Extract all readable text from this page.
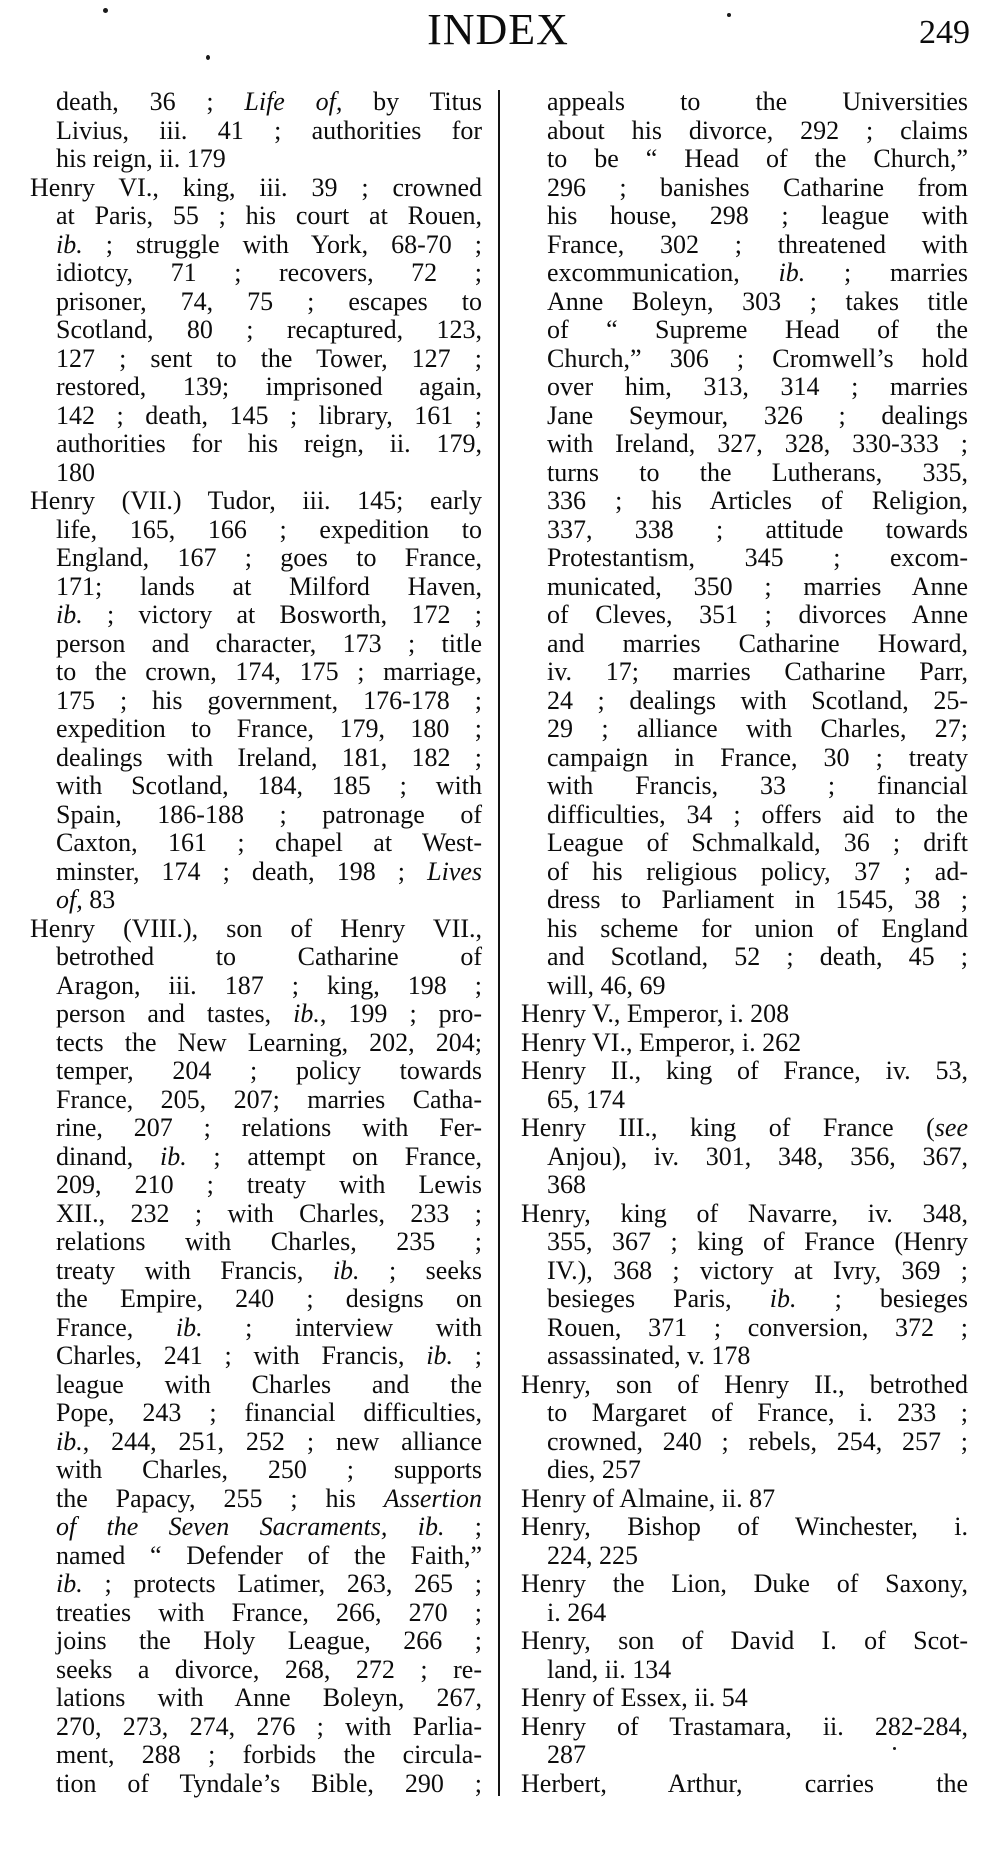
INDEX	249
death, 36 ; Life of, by Titus
Livius, iii. 41 ; authorities for
his reign, ii. 179
Henry VI., king, iii. 39 ; crowned
at Paris, 55 ; his court at Rouen,
ib. ; struggle with York, 68-70 ;
idiotcy, 71 ; recovers, 72 ;
prisoner, 74, 75 ; escapes to
Scotland, 80 ; recaptured, 123,
127 ; sent to the Tower, 127 ;
restored, 139; imprisoned again,
142 ; death, 145 ; library, 161 ;
authorities for his reign, ii. 179,
180
Henry (VII.) Tudor, iii. 145; early
life, 165, 166 ; expedition to
England, 167 ; goes to France,
171; lands at Milford Haven,
ib. ; victory at Bosworth, 172 ;
person and character, 173 ; title
to the crown, 174, 175 ; marriage,
175 ; his government, 176-178 ;
expedition to France, 179, 180 ;
dealings with Ireland, 181, 182 ;
with Scotland, 184, 185 ; with
Spain, 186-188 ; patronage of
Caxton, 161 ; chapel at West-
minster, 174 ; death, 198 ; Lives
of, 83
Henry (VIII.), son of Henry VII.,
betrothed to Catharine of
Aragon, iii. 187 ; king, 198 ;
person and tastes, ib., 199 ; pro-
tects the New Learning, 202, 204;
temper, 204 ; policy towards
France, 205, 207; marries Catha-
rine, 207 ; relations with Fer-
dinand, ib. ; attempt on France,
209, 210 ; treaty with Lewis
XII., 232 ; with Charles, 233 ;
relations with Charles, 235 ;
treaty with Francis, ib. ; seeks
the Empire, 240 ; designs on
France, ib. ; interview with
Charles, 241 ; with Francis, ib. ;
league with Charles and the
Pope, 243 ; financial difficulties,
ib., 244, 251, 252 ; new alliance
with Charles, 250 ; supports
the Papacy, 255 ; his Assertion
of the Seven Sacraments, ib. ;
named “ Defender of the Faith,”
ib. ; protects Latimer, 263, 265 ;
treaties with France, 266, 270 ;
joins the Holy League, 266 ;
seeks a divorce, 268, 272 ; re-
lations with Anne Boleyn, 267,
270, 273, 274, 276 ; with Parlia-
ment, 288 ; forbids the circula-
tion of Tyndale’s Bible, 290 ;
appeals to the Universities
about his divorce, 292 ; claims
to be “ Head of the Church,”
296 ; banishes Catharine from
his house, 298 ; league with
France, 302 ; threatened with
excommunication, ib. ; marries
Anne Boleyn, 303 ; takes title
of “ Supreme Head of the
Church,” 306 ; Cromwell’s hold
over him, 313, 314 ; marries
Jane Seymour, 326 ; dealings
with Ireland, 327, 328, 330-333 ;
turns to the Lutherans, 335,
336 ; his Articles of Religion,
337, 338 ; attitude towards
Protestantism, 345 ; excom-
municated, 350 ; marries Anne
of Cleves, 351 ; divorces Anne
and marries Catharine Howard,
iv. 17; marries Catharine Parr,
24 ; dealings with Scotland, 25-
29 ; alliance with Charles, 27;
campaign in France, 30 ; treaty
with Francis, 33 ; financial
difficulties, 34 ; offers aid to the
League of Schmalkald, 36 ; drift
of his religious policy, 37 ; ad-
dress to Parliament in 1545, 38 ;
his scheme for union of England
and Scotland, 52 ; death, 45 ;
will, 46, 69
Henry V., Emperor, i. 208
Henry VI., Emperor, i. 262
Henry II., king of France, iv. 53,
65, 174
Henry III., king of France (see
Anjou), iv. 301, 348, 356, 367,
368
Henry, king of Navarre, iv. 348,
355, 367 ; king of France (Henry
IV.), 368 ; victory at Ivry, 369 ;
besieges Paris, ib. ; besieges
Rouen, 371 ; conversion, 372 ;
assassinated, v. 178
Henry, son of Henry II., betrothed
to Margaret of France, i. 233 ;
crowned, 240 ; rebels, 254, 257 ;
dies, 257
Henry of Almaine, ii. 87
Henry, Bishop of Winchester, i.
224, 225
Henry the Lion, Duke of Saxony,
i. 264
Henry, son of David I. of Scot-
land, ii. 134
Henry of Essex, ii. 54
Henry of Trastamara, ii. 282-284,
287
Herbert, Arthur, carries the
